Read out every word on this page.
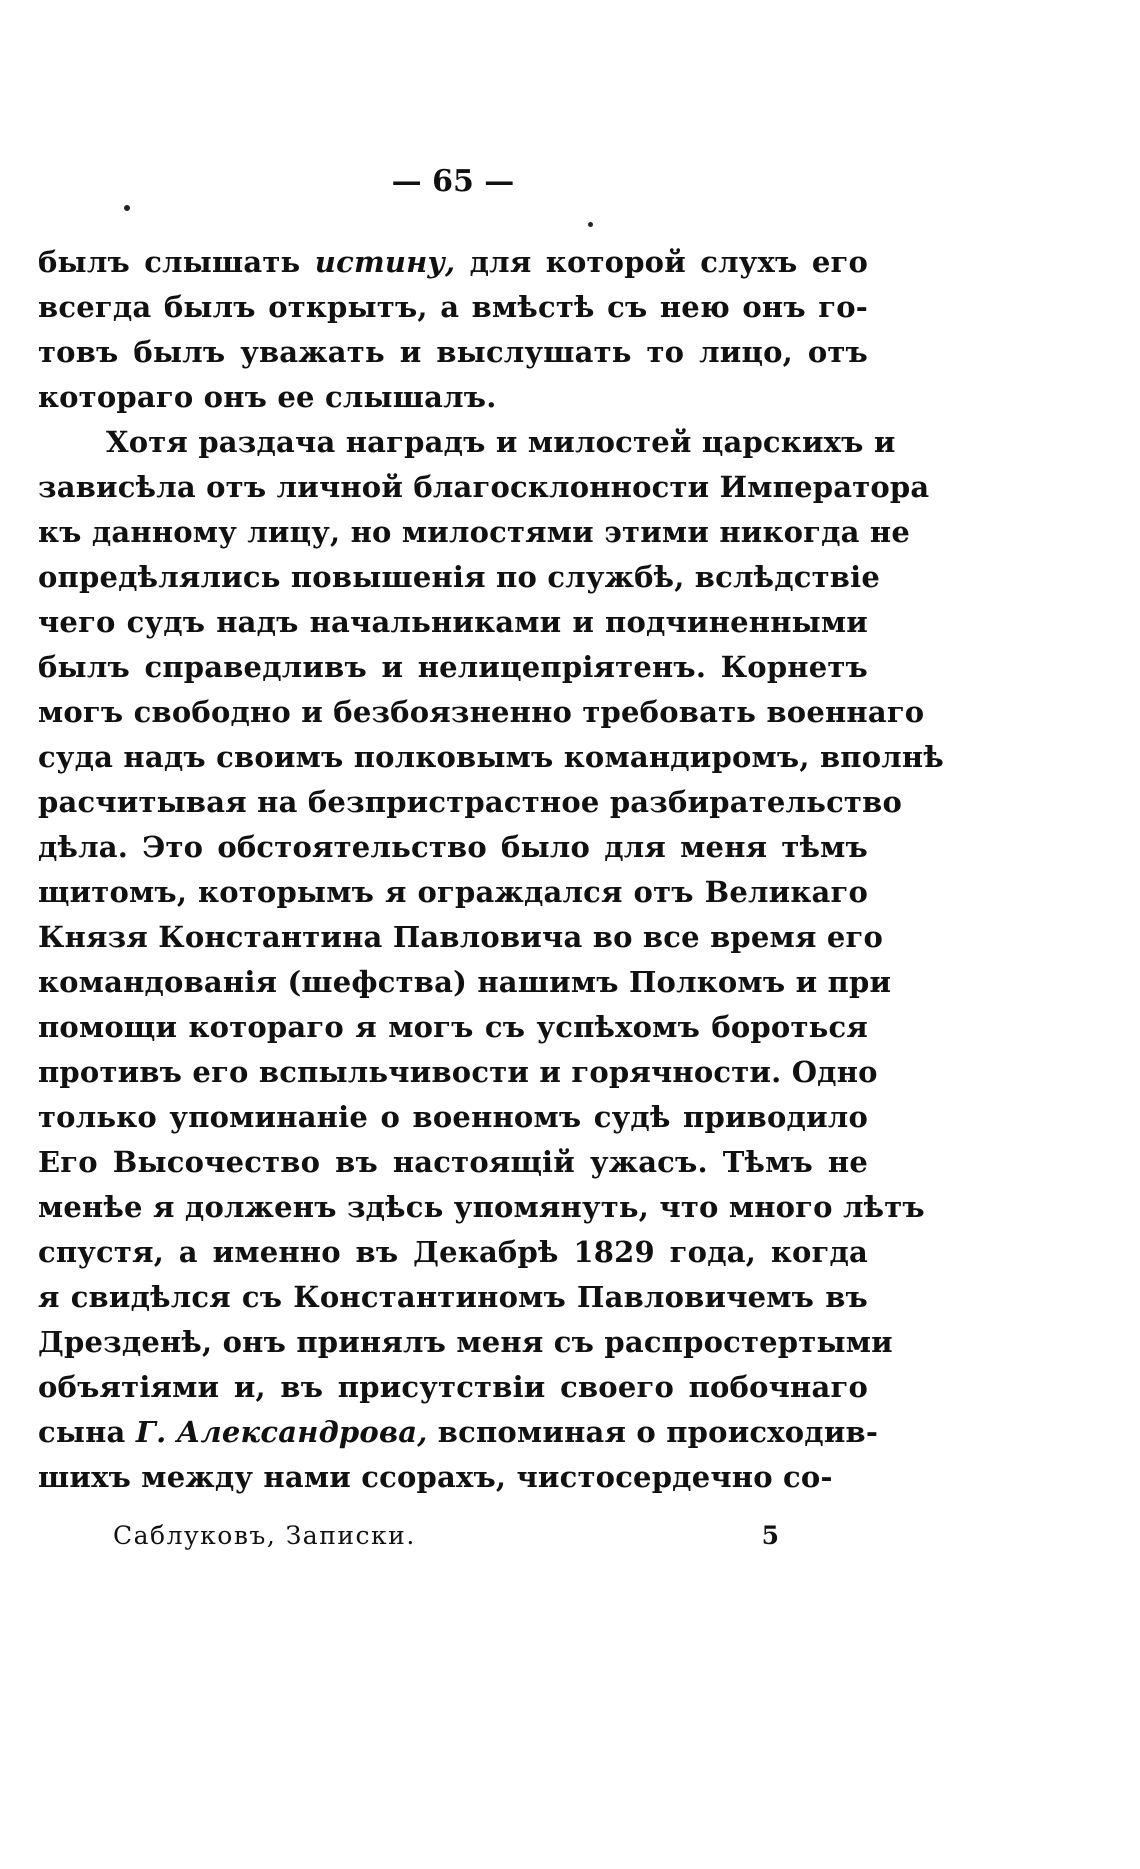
— 65 —
былъ слышать истину, для которой слухъ его
всегда былъ открытъ, а вмѣстѣ съ нею онъ го-
товъ былъ уважать и выслушать то лицо, отъ
котораго онъ ее слышалъ.
Хотя раздача наградъ и милостей царскихъ и
зависѣла отъ личной благосклонности Императора
къ данному лицу, но милостями этими никогда не
опредѣлялись повышенія по службѣ, вслѣдствіе
чего судъ надъ начальниками и подчиненными
былъ справедливъ и нелицепріятенъ. Корнетъ
могъ свободно и безбоязненно требовать военнаго
суда надъ своимъ полковымъ командиромъ, вполнѣ
расчитывая на безпристрастное разбирательство
дѣла. Это обстоятельство было для меня тѣмъ
щитомъ, которымъ я ограждался отъ Великаго
Князя Константина Павловича во все время его
командованія (шефства) нашимъ Полкомъ и при
помощи котораго я могъ съ успѣхомъ бороться
противъ его вспыльчивости и горячности. Одно
только упоминаніе о военномъ судѣ приводило
Его Высочество въ настоящій ужасъ. Тѣмъ не
менѣе я долженъ здѣсь упомянуть, что много лѣтъ
спустя, а именно въ Декабрѣ 1829 года, когда
я свидѣлся съ Константиномъ Павловичемъ въ
Дрезденѣ, онъ принялъ меня съ распростертыми
объятіями и, въ присутствіи своего побочнаго
сына Г. Александрова, вспоминая о происходив-
шихъ между нами ссорахъ, чистосердечно со-
Саблуковъ, Записки.	5
